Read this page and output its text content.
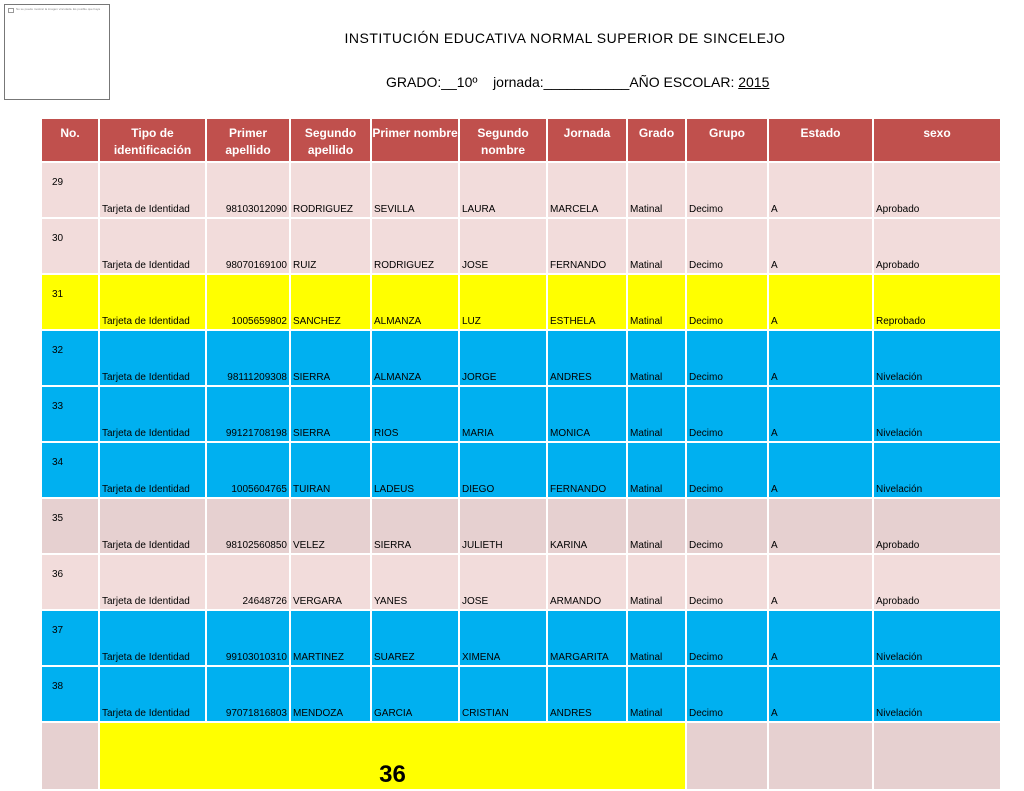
No se puede mostrar la imagen vinculada. Es posible que haya
INSTITUCIÓN EDUCATIVA NORMAL SUPERIOR DE SINCELEJO
GRADO:__10º jornada:___________AÑO ESCOLAR: 2015
No.	Tipo de identificación	Primer apellido	Segundo apellido	Primer nombre	Segundo nombre	Jornada	Grado	Grupo	Estado	sexo
29	Tarjeta de Identidad	98103012090	RODRIGUEZ	SEVILLA	LAURA	MARCELA	Matinal	Decimo	A	Aprobado
30	Tarjeta de Identidad	98070169100	RUIZ	RODRIGUEZ	JOSE	FERNANDO	Matinal	Decimo	A	Aprobado
31	Tarjeta de Identidad	1005659802	SANCHEZ	ALMANZA	LUZ	ESTHELA	Matinal	Decimo	A	Reprobado
32	Tarjeta de Identidad	98111209308	SIERRA	ALMANZA	JORGE	ANDRES	Matinal	Decimo	A	Nivelación
33	Tarjeta de Identidad	99121708198	SIERRA	RIOS	MARIA	MONICA	Matinal	Decimo	A	Nivelación
34	Tarjeta de Identidad	1005604765	TUIRAN	LADEUS	DIEGO	FERNANDO	Matinal	Decimo	A	Nivelación
35	Tarjeta de Identidad	98102560850	VELEZ	SIERRA	JULIETH	KARINA	Matinal	Decimo	A	Aprobado
36	Tarjeta de Identidad	24648726	VERGARA	YANES	JOSE	ARMANDO	Matinal	Decimo	A	Aprobado
37	Tarjeta de Identidad	99103010310	MARTINEZ	SUAREZ	XIMENA	MARGARITA	Matinal	Decimo	A	Nivelación
38	Tarjeta de Identidad	97071816803	MENDOZA	GARCIA	CRISTIAN	ANDRES	Matinal	Decimo	A	Nivelación
	36									
